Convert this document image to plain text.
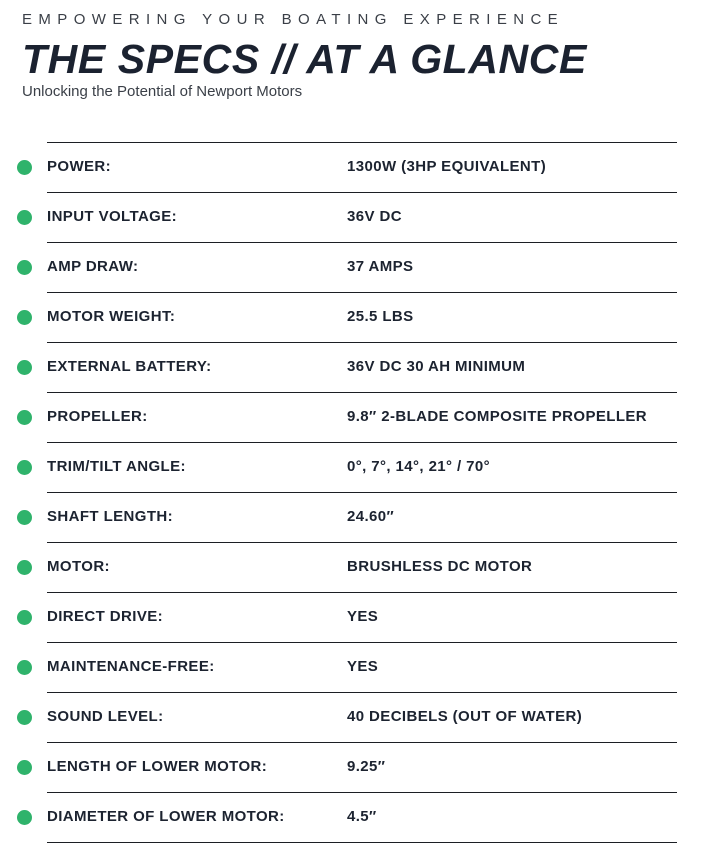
EMPOWERING YOUR BOATING EXPERIENCE
THE SPECS // AT A GLANCE
Unlocking the Potential of Newport Motors
POWER:	1300W (3HP EQUIVALENT)
INPUT VOLTAGE:	36V DC
AMP DRAW:	37 AMPS
MOTOR WEIGHT:	25.5 LBS
EXTERNAL BATTERY:	36V DC 30 AH MINIMUM
PROPELLER:	9.8″ 2-BLADE COMPOSITE PROPELLER
TRIM/TILT ANGLE:	0°, 7°, 14°, 21° / 70°
SHAFT LENGTH:	24.60″
MOTOR:	BRUSHLESS DC MOTOR
DIRECT DRIVE:	YES
MAINTENANCE-FREE:	YES
SOUND LEVEL:	40 DECIBELS (OUT OF WATER)
LENGTH OF LOWER MOTOR:	9.25″
DIAMETER OF LOWER MOTOR:	4.5″
